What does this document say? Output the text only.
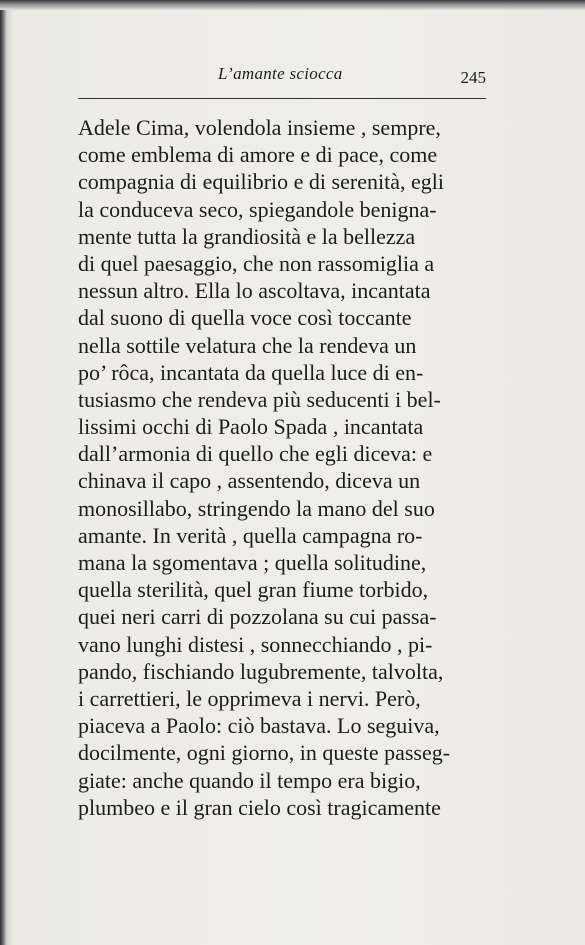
L’amante sciocca	245
Adele Cima, volendola insieme , sempre,
come emblema di amore e di pace, come
compagnia di equilibrio e di serenità, egli
la conduceva seco, spiegandole benigna-
mente tutta la grandiosità e la bellezza
di quel paesaggio, che non rassomiglia a
nessun altro. Ella lo ascoltava, incantata
dal suono di quella voce così toccante
nella sottile velatura che la rendeva un
po’ rôca, incantata da quella luce di en-
tusiasmo che rendeva più seducenti i bel-
lissimi occhi di Paolo Spada , incantata
dall’armonia di quello che egli diceva: e
chinava il capo , assentendo, diceva un
monosillabo, stringendo la mano del suo
amante. In verità , quella campagna ro-
mana la sgomentava ; quella solitudine,
quella sterilità, quel gran fiume torbido,
quei neri carri di pozzolana su cui passa-
vano lunghi distesi , sonnecchiando , pi-
pando, fischiando lugubremente, talvolta,
i carrettieri, le opprimeva i nervi. Però,
piaceva a Paolo: ciò bastava. Lo seguiva,
docilmente, ogni giorno, in queste passeg-
giate: anche quando il tempo era bigio,
plumbeo e il gran cielo così tragicamente
